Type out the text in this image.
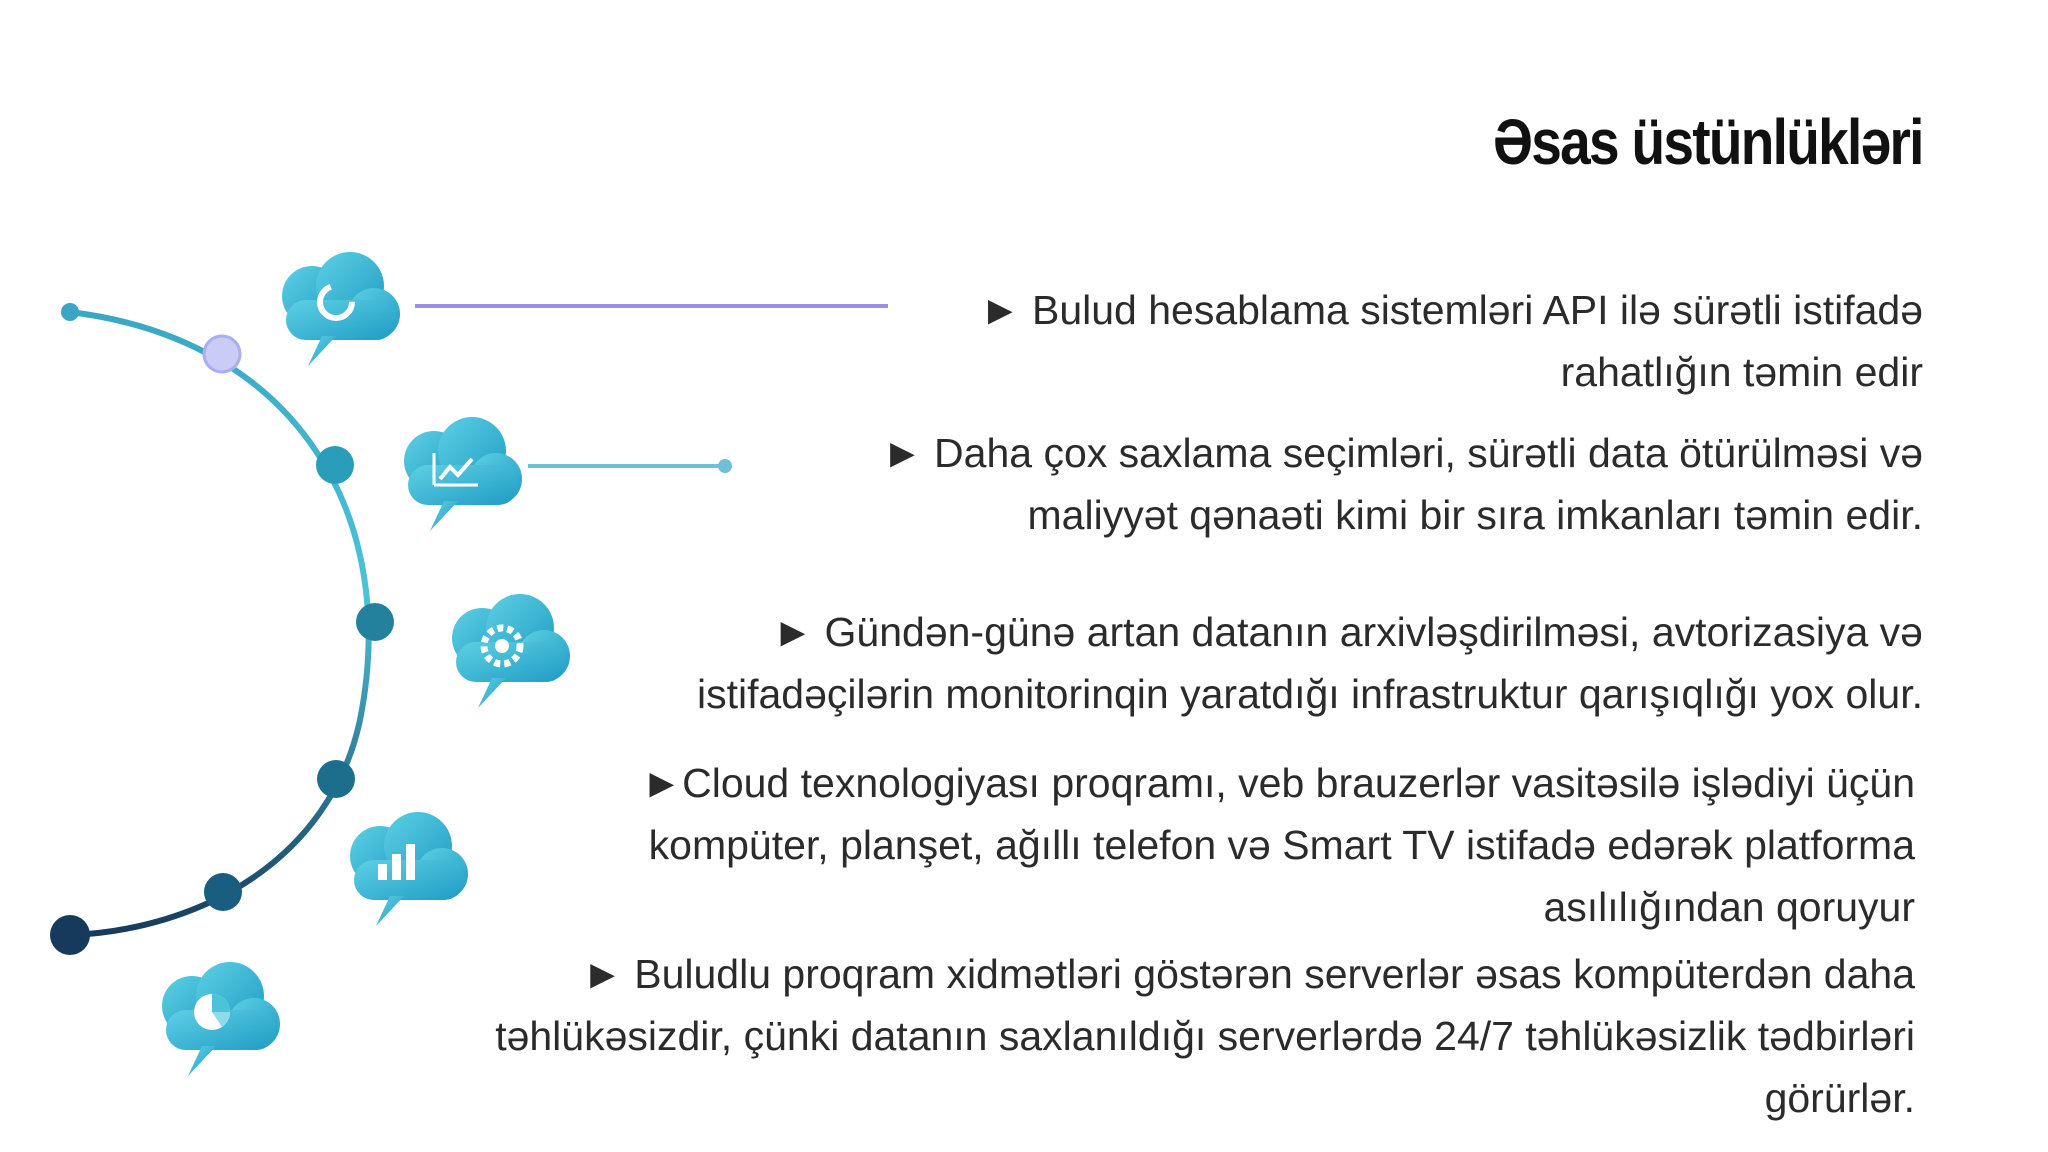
Əsas üstünlükləri
► Bulud hesablama sistemləri API ilə sürətli istifadə
rahatlığın təmin edir
► Daha çox saxlama seçimləri, sürətli data ötürülməsi və
maliyyət qənaəti kimi bir sıra imkanları təmin edir.
► Gündən-günə artan datanın arxivləşdirilməsi, avtorizasiya və
istifadəçilərin monitorinqin yaratdığı infrastruktur qarışıqlığı yox olur.
►Cloud texnologiyası proqramı, veb brauzerlər vasitəsilə işlədiyi üçün
kompüter, planşet, ağıllı telefon və Smart TV istifadə edərək platforma
asılılığından qoruyur
► Buludlu proqram xidmətləri göstərən serverlər əsas kompüterdən daha
təhlükəsizdir, çünki datanın saxlanıldığı serverlərdə 24/7 təhlükəsizlik tədbirləri
görürlər.
